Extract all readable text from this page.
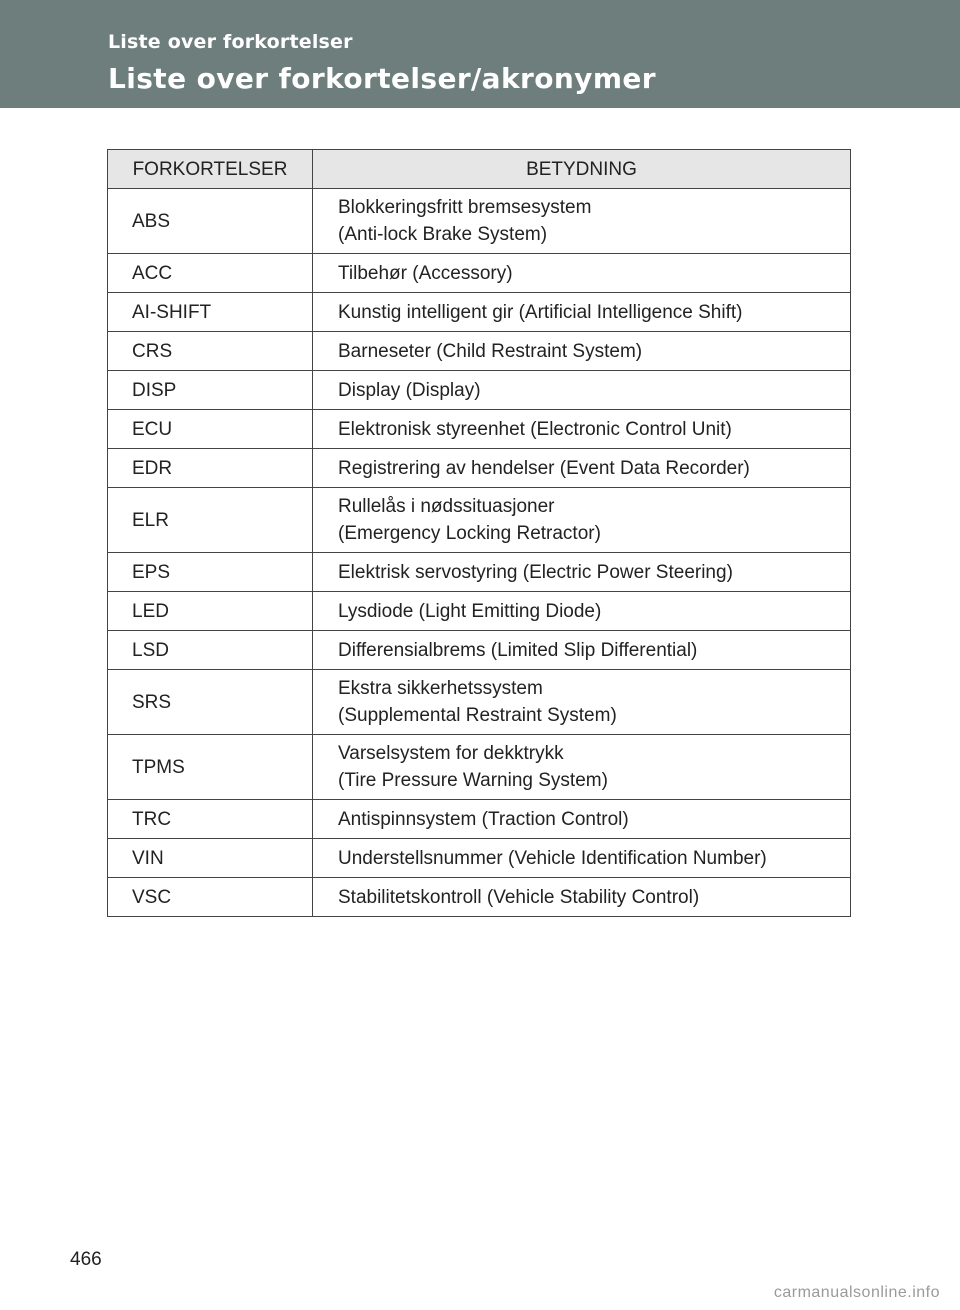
Liste over forkortelser
Liste over forkortelser/akronymer
FORKORTELSER	BETYDNING
ABS	Blokkeringsfritt bremsesystem
(Anti-lock Brake System)

ACC	Tilbehør (Accessory)

AI-SHIFT	Kunstig intelligent gir (Artificial Intelligence Shift)

CRS	Barneseter (Child Restraint System)

DISP	Display (Display)

ECU	Elektronisk styreenhet (Electronic Control Unit)

EDR	Registrering av hendelser (Event Data Recorder)

ELR	Rullelås i nødssituasjoner
(Emergency Locking Retractor)

EPS	Elektrisk servostyring (Electric Power Steering)

LED	Lysdiode (Light Emitting Diode)

LSD	Differensialbrems (Limited Slip Differential)

SRS	Ekstra sikkerhetssystem
(Supplemental Restraint System)

TPMS	Varselsystem for dekktrykk
(Tire Pressure Warning System)

TRC	Antispinnsystem (Traction Control)

VIN	Understellsnummer (Vehicle Identification Number)

VSC	Stabilitetskontroll (Vehicle Stability Control)
466
carmanualsonline.info
